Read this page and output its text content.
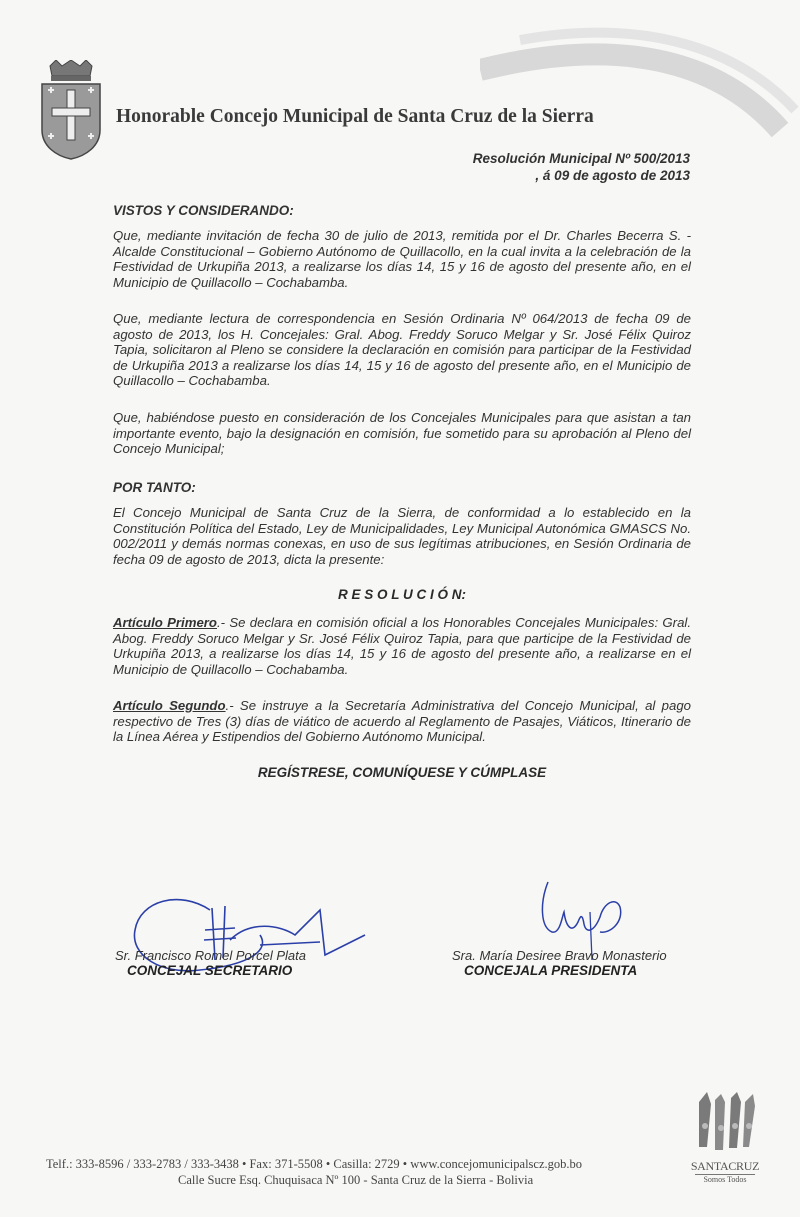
Honorable Concejo Municipal de Santa Cruz de la Sierra
Resolución Municipal Nº 500/2013
, á 09 de agosto de 2013
VISTOS Y CONSIDERANDO:

Que, mediante invitación de fecha 30 de julio de 2013, remitida por el Dr. Charles Becerra S. - Alcalde Constitucional – Gobierno Autónomo de Quillacollo, en la cual invita a la celebración de la Festividad de Urkupiña 2013, a realizarse los días 14, 15 y 16 de agosto del presente año, en el Municipio de Quillacollo – Cochabamba.

Que, mediante lectura de correspondencia en Sesión Ordinaria Nº 064/2013 de fecha 09 de agosto de 2013, los H. Concejales: Gral. Abog. Freddy Soruco Melgar y Sr. José Félix Quiroz Tapia, solicitaron al Pleno se considere la declaración en comisión para participar de la Festividad de Urkupiña 2013 a realizarse los días 14, 15 y 16 de agosto del presente año, en el Municipio de Quillacollo – Cochabamba.

Que, habiéndose puesto en consideración de los Concejales Municipales para que asistan a tan importante evento, bajo la designación en comisión, fue sometido para su aprobación al Pleno del Concejo Municipal;

POR TANTO:

El Concejo Municipal de Santa Cruz de la Sierra, de conformidad a lo establecido en la Constitución Política del Estado, Ley de Municipalidades, Ley Municipal Autonómica GMASCS No. 002/2011 y demás normas conexas, en uso de sus legítimas atribuciones, en Sesión Ordinaria de fecha 09 de agosto de 2013, dicta la presente:

R E S O L U C I Ó N:

Artículo Primero.- Se declara en comisión oficial a los Honorables Concejales Municipales: Gral. Abog. Freddy Soruco Melgar y Sr. José Félix Quiroz Tapia, para que participe de la Festividad de Urkupiña 2013, a realizarse los días 14, 15 y 16 de agosto del presente año, a realizarse en el Municipio de Quillacollo – Cochabamba.

Artículo Segundo.- Se instruye a la Secretaría Administrativa del Concejo Municipal, al pago respectivo de Tres (3) días de viático de acuerdo al Reglamento de Pasajes, Viáticos, Itinerario de la Línea Aérea y Estipendios del Gobierno Autónomo Municipal.

REGÍSTRESE, COMUNÍQUESE Y CÚMPLASE
Sr. Francisco Romel Porcel Plata
CONCEJAL SECRETARIO
Sra. María Desiree Bravo Monasterio
CONCEJALA PRESIDENTA
Telf.: 333-8596 / 333-2783 / 333-3438 • Fax: 371-5508 • Casilla: 2729 • www.concejomunicipalscz.gob.bo
Calle Sucre Esq. Chuquisaca Nº 100 - Santa Cruz de la Sierra - Bolivia
SANTACRUZ
Somos Todos
